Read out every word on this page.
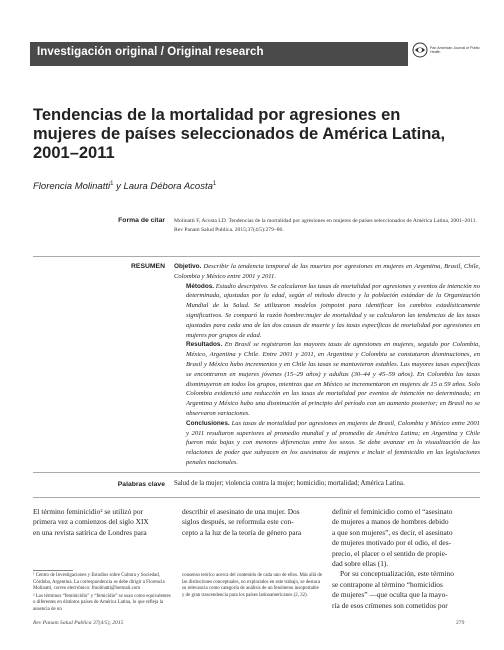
Investigación original / Original research	Pan American Journal of Public Health
Tendencias de la mortalidad por agresiones en mujeres de países seleccionados de América Latina, 2001–2011
Florencia Molinatti$^1$ y Laura Débora Acosta$^1$
Forma de citar Molinatti F, Acosta LD. Tendencias de la mortalidad por agresiones en mujeres de países seleccionados de América Latina, 2001–2011. Rev Panam Salud Publica. 2015;37(4/5):279–86.
RESUMEN Objetivo. Describir la tendencia temporal de las muertes por agresiones en mujeres en Argentina, Brasil, Chile, Colombia y México entre 2001 y 2011.

Métodos. Estudio descriptivo. Se calcularon las tasas de mortalidad por agresiones y eventos de intención no determinada, ajustadas por la edad, según el método directo y la población estándar de la Organización Mundial de la Salud. Se utilizaron modelos joinpoint para identificar los cambios estadísticamente significativos. Se comparó la razón hombre:mujer de mortalidad y se calcularon las tendencias de las tasas ajustadas para cada una de las dos causas de muerte y las tasas específicas de mortalidad por agresiones en mujeres por grupos de edad.

Resultados. En Brasil se registraron las mayores tasas de agresiones en mujeres, seguido por Colombia, México, Argentina y Chile. Entre 2001 y 2011, en Argentina y Colombia se constataron disminuciones, en Brasil y México hubo incrementos y en Chile las tasas se mantuvieron estables. Las mayores tasas específicas se encontraron en mujeres jóvenes (15–29 años) y adultas (30–44 y 45–59 años). En Colombia las tasas disminuyeron en todos los grupos, mientras que en México se incrementaron en mujeres de 15 a 59 años. Solo Colombia evidenció una reducción en las tasas de mortalidad por eventos de intención no determinada; en Argentina y México hubo una disminución al principio del período con un aumento posterior; en Brasil no se observaron variaciones.

Conclusiones. Las tasas de mortalidad por agresiones en mujeres de Brasil, Colombia y México entre 2001 y 2011 resultaron superiores al promedio mundial y al promedio de América Latina; en Argentina y Chile fueron más bajas y con menores diferencias entre los sexos. Se debe avanzar en la visualización de las relaciones de poder que subyacen en los asesinatos de mujeres e incluir el feminicidio en las legislaciones penales nacionales.

Palabras clave Salud de la mujer; violencia contra la mujer; homicidio; mortalidad; América Latina.
El término feminicidio² se utilizó por
primera vez a comienzos del siglo XIX
en una revista satírica de Londres para
describir el asesinato de una mujer. Dos
siglos después, se reformula este con-
cepto a la luz de la teoría de género para
definir el feminicidio como el “asesinato
de mujeres a manos de hombres debido
a que son mujeres”, es decir, el asesinato
de mujeres motivado por el odio, el des-
precio, el placer o el sentido de propie-
dad sobre ellas (1).
Por su conceptualización, este término
se contrapone al término “homicidios
de mujeres” —que oculta que la mayo-
ría de esos crímenes son cometidos por
¹ Centro de Investigaciones y Estudios sobre Cultura y Sociedad, Córdoba, Argentina. La correspondencia se debe dirigir a Florencia Molinatti, correo electrónico: fmolinatti@hotmail.com
² Los términos “feminicidio” y “femicidio” se usan como equivalentes o diferentes en distintos países de América Latina, lo que refleja la ausencia de un
consenso teórico acerca del contenido de cada uno de ellos. Más allá de las distinciones conceptuales, no explorados en este trabajo, se destaca su relevancia como categoría de análisis de un fenómeno insoportable y de gran trascendencia para los países latinoamericanos (2, 32).
Rev Panam Salud Publica 37(4/5), 2015	279
